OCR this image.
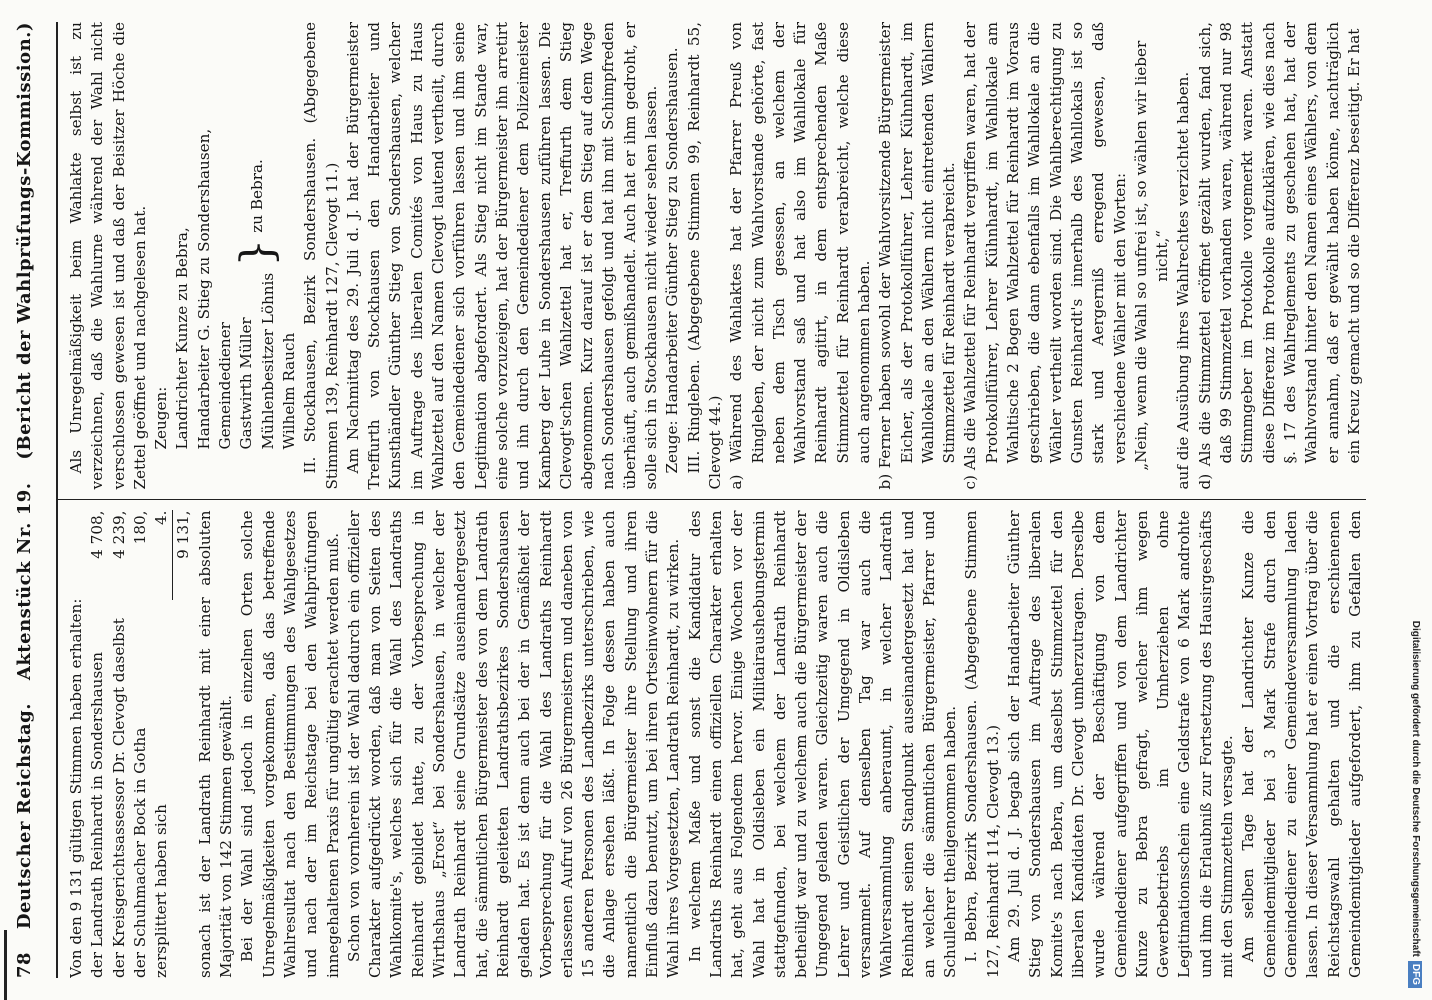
78
Deutscher Reichstag.
Aktenstück Nr. 19.
(Bericht der Wahlprüfungs-Kommission.)

Von den 9 131 gültigen Stimmen haben erhalten: der Landrath Reinhardt in Sondershausen
4 708,
der Kreisgerichtsassessor Dr. Clevogt daselbst
4 239,
der Schuhmacher Bock in Gotha
180,
zersplittert haben sich
4. 9 131, sonach ist der Landrath Reinhardt mit einer absoluten Majorität von 142 Stimmen gewählt. Bei der Wahl sind jedoch in einzelnen Orten solche Unregelmäßigkeiten vorgekommen, daß das betreffende Wahlresultat nach den Bestimmungen des Wahlgesetzes und nach der im Reichstage bei den Wahlprüfungen innegehaltenen Praxis für ungültig erachtet werden muß. Schon von vornherein ist der Wahl dadurch ein offizieller Charakter aufgedrückt worden, daß man von Seiten des Wahlkomite's, welches sich für die Wahl des Landraths Reinhardt gebildet hatte, zu der Vorbesprechung in Wirthshaus „Erost“ bei Sondershausen, in welcher der Landrath Reinhardt seine Grundsätze auseinandergesetzt hat, die sämmtlichen Bürgermeister des von dem Landrath Reinhardt geleiteten Landrathsbezirkes Sondershausen geladen hat. Es ist denn auch bei der in Gemäßheit der Vorbesprechung für die Wahl des Landraths Reinhardt erlassenen Aufruf von 26 Bürgermeistern und daneben von 15 anderen Personen des Landbezirks unterschrieben, wie die Anlage ersehen läßt. In Folge dessen haben auch namentlich die Bürgermeister ihre Stellung und ihren Einfluß dazu benutzt, um bei ihren Ortseinwohnern für die Wahl ihres Vorgesetzten, Landrath Reinhardt, zu wirken. In welchem Maße und sonst die Kandidatur des Landraths Reinhardt einen offiziellen Charakter erhalten hat, geht aus Folgendem hervor. Einige Wochen vor der Wahl hat in Oldisleben ein Militairaushebungstermin stattgefunden, bei welchem der Landrath Reinhardt betheiligt war und zu welchem auch die Bürgermeister der Umgegend geladen waren. Gleichzeitig waren auch die Lehrer und Geistlichen der Umgegend in Oldisleben versammelt. Auf denselben Tag war auch die Wahlversammlung anberaumt, in welcher Landrath Reinhardt seinen Standpunkt auseinandergesetzt hat und an welcher die sämmtlichen Bürgermeister, Pfarrer und Schullehrer theilgenommen haben. I. Bebra, Bezirk Sondershausen. (Abgegebene Stimmen 127, Reinhardt 114, Clevogt 13.) Am 29. Juli d. J. begab sich der Handarbeiter Günther Stieg von Sondershausen im Auftrage des liberalen Komite's nach Bebra, um daselbst Stimmzettel für den liberalen Kandidaten Dr. Clevogt umherzutragen. Derselbe wurde während der Beschäftigung von dem Gemeindediener aufgegriffen und von dem Landrichter Kunze zu Bebra gefragt, welcher ihm wegen Gewerbebetriebs im Umherziehen ohne Legitimationsschein eine Geldstrafe von 6 Mark androhte und ihm die Erlaubniß zur Fortsetzung des Hausirgeschäfts mit den Stimmzetteln versagte. Am selben Tage hat der Landrichter Kunze die Gemeindemitglieder bei 3 Mark Strafe durch den Gemeindediener zu einer Gemeindeversammlung laden lassen. In dieser Versammlung hat er einen Vortrag über die Reichstagswahl gehalten und die erschienenen Gemeindemitglieder aufgefordert, ihm zu Gefallen den

Als Unregelmäßigkeit beim Wahlakte selbst ist zu verzeichnen, daß die Wahlurne während der Wahl nicht verschlossen gewesen ist und daß der Beisitzer Höche die Zettel geöffnet und nachgelesen hat. Zeugen: Landrichter Kunze zu Bebra, Handarbeiter G. Stieg zu Sondershausen, Gemeindediener Gastwirth Müller Mühlenbesitzer Löhnis Wilhelm Rauch
}
zu Bebra. II. Stockhausen, Bezirk Sondershausen. (Abgegebene Stimmen 139, Reinhardt 127, Clevogt 11.) Am Nachmittag des 29. Juli d. J. hat der Bürgermeister Treffurth von Stockhausen den Handarbeiter und Kunsthändler Günther Stieg von Sondershausen, welcher im Auftrage des liberalen Comités von Haus zu Haus Wahlzettel auf den Namen Clevogt lautend vertheilt, durch den Gemeindediener sich vorführen lassen und ihm seine Legitimation abgefordert. Als Stieg nicht im Stande war, eine solche vorzuzeigen, hat der Bürgermeister ihn arretirt und ihn durch den Gemeindediener dem Polizeimeister Kamberg der Luhe in Sondershausen zuführen lassen. Die Clevogt'schen Wahlzettel hat er, Treffurth dem Stieg abgenommen. Kurz darauf ist er dem Stieg auf dem Wege nach Sondershausen gefolgt und hat ihn mit Schimpfreden überhäuft, auch gemißhandelt. Auch hat er ihm gedroht, er solle sich in Stockhausen nicht wieder sehen lassen. Zeuge: Handarbeiter Günther Stieg zu Sondershausen. III. Ringleben. (Abgegebene Stimmen 99, Reinhardt 55, Clevogt 44.) a) Während des Wahlaktes hat der Pfarrer Preuß von Ringleben, der nicht zum Wahlvorstande gehörte, fast neben dem Tisch gesessen, an welchem der Wahlvorstand saß und hat also im Wahllokale für Reinhardt agitirt, in dem entsprechenden Maße Stimmzettel für Reinhardt verabreicht, welche diese auch angenommen haben. b) Ferner haben sowohl der Wahlvorsitzende Bürgermeister Eicher, als der Protokollführer, Lehrer Kühnhardt, im Wahllokale an den Wählern nicht eintretenden Wählern Stimmzettel für Reinhardt verabreicht. c) Als die Wahlzettel für Reinhardt vergriffen waren, hat der Protokollführer, Lehrer Kühnhardt, im Wahllokale am Wahltische 2 Bogen Wahlzettel für Reinhardt im Voraus geschrieben, die dann ebenfalls im Wahllokale an die Wähler vertheilt worden sind. Die Wahlberechtigung zu Gunsten Reinhardt's innerhalb des Wahllokals ist so stark und Aergerniß erregend gewesen, daß verschiedene Wähler mit den Worten: „Nein, wenn die Wahl so unfrei ist, so wählen wir lieber nicht,“ auf die Ausübung ihres Wahlrechtes verzichtet haben. d) Als die Stimmzettel eröffnet gezählt wurden, fand sich, daß 99 Stimmzettel vorhanden waren, während nur 98 Stimmgeber im Protokolle vorgemerkt waren. Anstatt diese Differenz im Protokolle aufzuklären, wie dies nach §. 17 des Wahlreglements zu geschehen hat, hat der Wahlvorstand hinter den Namen eines Wählers, von dem er annahm, daß er gewählt haben könne, nachträglich ein Kreuz gemacht und so die Differenz beseitigt. Er hat

Digitalisierung gefördert durch die Deutsche ForschungsgemeinschaftDFG
